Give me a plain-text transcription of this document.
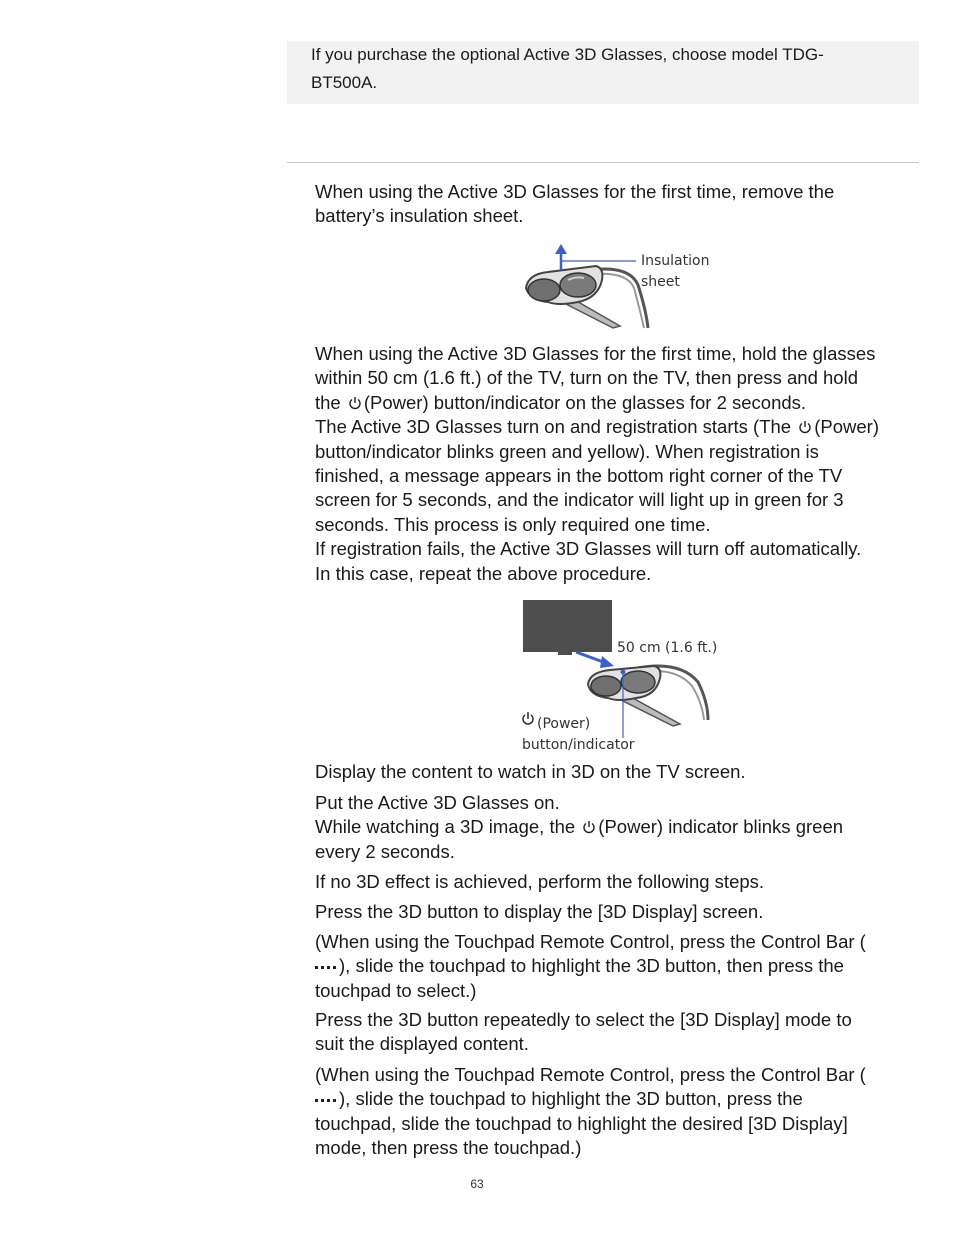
If you purchase the optional Active 3D Glasses, choose model TDG-
BT500A.

When using the Active 3D Glasses for the first time, remove the
battery’s insulation sheet.

Insulation
sheet

When using the Active 3D Glasses for the first time, hold the glasses
within 50 cm (1.6 ft.) of the TV, turn on the TV, then press and hold
the (Power) button/indicator on the glasses for 2 seconds.
The Active 3D Glasses turn on and registration starts (The (Power)
button/indicator blinks green and yellow). When registration is
finished, a message appears in the bottom right corner of the TV
screen for 5 seconds, and the indicator will light up in green for 3
seconds. This process is only required one time.
If registration fails, the Active 3D Glasses will turn off automatically.
In this case, repeat the above procedure.

50 cm (1.6 ft.)
(Power)
button/indicator

Display the content to watch in 3D on the TV screen.

Put the Active 3D Glasses on.
While watching a 3D image, the (Power) indicator blinks green
every 2 seconds.

If no 3D effect is achieved, perform the following steps.

Press the 3D button to display the [3D Display] screen.

(When using the Touchpad Remote Control, press the Control Bar (
), slide the touchpad to highlight the 3D button, then press the
touchpad to select.)

Press the 3D button repeatedly to select the [3D Display] mode to
suit the displayed content.

(When using the Touchpad Remote Control, press the Control Bar (
), slide the touchpad to highlight the 3D button, press the
touchpad, slide the touchpad to highlight the desired [3D Display]
mode, then press the touchpad.)

63
